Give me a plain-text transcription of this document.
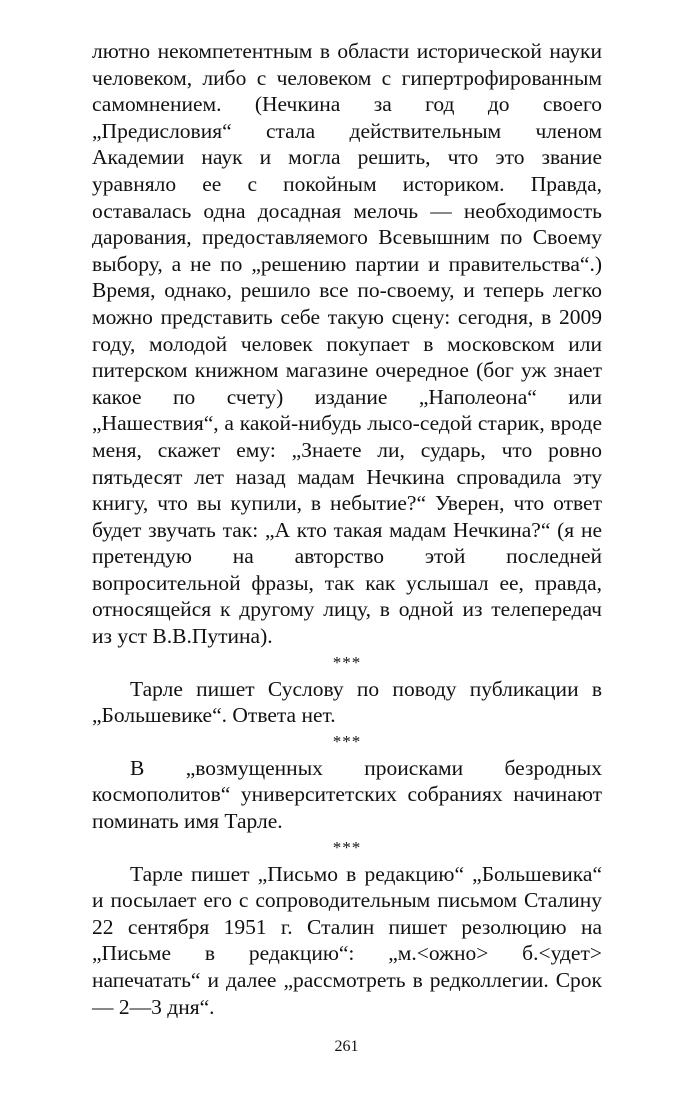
лютно некомпетентным в области исторической науки человеком, либо с человеком с гипертрофированным самомнением. (Нечкина за год до своего „Предисловия“ стала действительным членом Академии наук и могла решить, что это звание уравняло ее с покойным историком. Правда, оставалась одна досадная мелочь — необходимость дарования, предоставляемого Всевышним по Своему выбору, а не по „решению партии и правительства“.) Время, однако, решило все по-своему, и теперь легко можно представить себе такую сцену: сегодня, в 2009 году, молодой человек покупает в московском или питерском книжном магазине очередное (бог уж знает какое по счету) издание „Наполеона“ или „Нашествия“, а какой-нибудь лысо-седой старик, вроде меня, скажет ему: „Знаете ли, сударь, что ровно пятьдесят лет назад мадам Нечкина спровадила эту книгу, что вы купили, в небытие?“ Уверен, что ответ будет звучать так: „А кто такая мадам Нечкина?“ (я не претендую на авторство этой последней вопросительной фразы, так как услышал ее, правда, относящейся к другому лицу, в одной из телепередач из уст В.В.Путина).

***

Тарле пишет Суслову по поводу публикации в „Большевике“. Ответа нет.

***

В „возмущенных происками безродных космополитов“ университетских собраниях начинают поминать имя Тарле.

***

Тарле пишет „Письмо в редакцию“ „Большевика“ и посылает его с сопроводительным письмом Сталину 22 сентября 1951 г. Сталин пишет резолюцию на „Письме в редакцию“: „м.<ожно> б.<удет> напечатать“ и далее „рассмотреть в редколлегии. Срок — 2—3 дня“.

261
